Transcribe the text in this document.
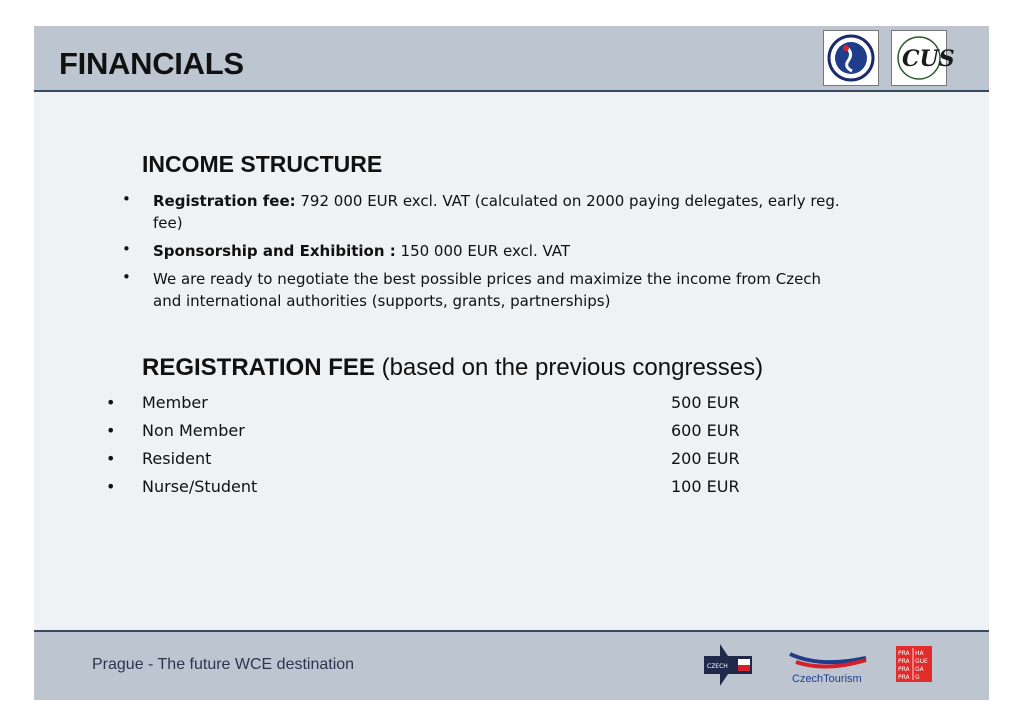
FINANCIALS	CUS
INCOME STRUCTURE
• Registration fee: 792 000 EUR excl. VAT (calculated on 2000 paying delegates, early reg.
fee)
• Sponsorship and Exhibition : 150 000 EUR excl. VAT
• We are ready to negotiate the best possible prices and maximize the income from Czech
and international authorities (supports, grants, partnerships)
REGISTRATION FEE (based on the previous congresses)
• Member	500 EUR
• Non Member	600 EUR
• Resident	200 EUR
• Nurse/Student	100 EUR
Prague - The future WCE destination	CZECH
CzechTourism
PRA HA
PRA GUE
PRA GA
PRA G
